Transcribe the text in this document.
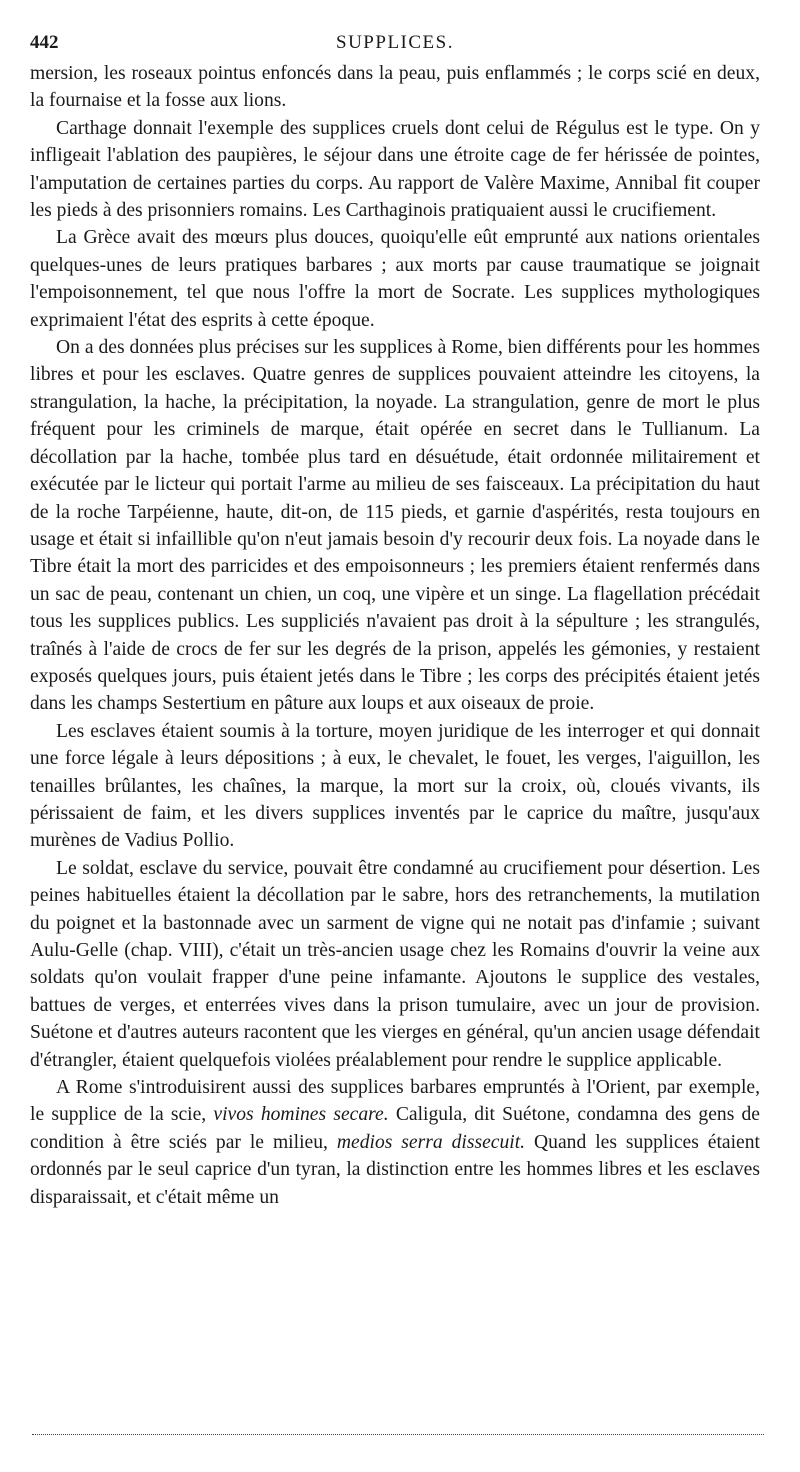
442	SUPPLICES.

mersion, les roseaux pointus enfoncés dans la peau, puis enflammés ; le corps scié en deux, la fournaise et la fosse aux lions.

Carthage donnait l'exemple des supplices cruels dont celui de Régulus est le type. On y infligeait l'ablation des paupières, le séjour dans une étroite cage de fer hérissée de pointes, l'amputation de certaines parties du corps. Au rapport de Valère Maxime, Annibal fit couper les pieds à des prisonniers romains. Les Carthaginois pratiquaient aussi le crucifiement.

La Grèce avait des mœurs plus douces, quoiqu'elle eût emprunté aux nations orientales quelques-unes de leurs pratiques barbares ; aux morts par cause traumatique se joignait l'empoisonnement, tel que nous l'offre la mort de Socrate. Les supplices mythologiques exprimaient l'état des esprits à cette époque.

On a des données plus précises sur les supplices à Rome, bien différents pour les hommes libres et pour les esclaves. Quatre genres de supplices pouvaient atteindre les citoyens, la strangulation, la hache, la précipitation, la noyade. La strangulation, genre de mort le plus fréquent pour les criminels de marque, était opérée en secret dans le Tullianum. La décollation par la hache, tombée plus tard en désuétude, était ordonnée militairement et exécutée par le licteur qui portait l'arme au milieu de ses faisceaux. La précipitation du haut de la roche Tarpéienne, haute, dit-on, de 115 pieds, et garnie d'aspérités, resta toujours en usage et était si infaillible qu'on n'eut jamais besoin d'y recourir deux fois. La noyade dans le Tibre était la mort des parricides et des empoisonneurs ; les premiers étaient renfermés dans un sac de peau, contenant un chien, un coq, une vipère et un singe. La flagellation précédait tous les supplices publics. Les suppliciés n'avaient pas droit à la sépulture ; les strangulés, traînés à l'aide de crocs de fer sur les degrés de la prison, appelés les gémonies, y restaient exposés quelques jours, puis étaient jetés dans le Tibre ; les corps des précipités étaient jetés dans les champs Sestertium en pâture aux loups et aux oiseaux de proie.

Les esclaves étaient soumis à la torture, moyen juridique de les interroger et qui donnait une force légale à leurs dépositions ; à eux, le chevalet, le fouet, les verges, l'aiguillon, les tenailles brûlantes, les chaînes, la marque, la mort sur la croix, où, cloués vivants, ils périssaient de faim, et les divers supplices inventés par le caprice du maître, jusqu'aux murènes de Vadius Pollio.

Le soldat, esclave du service, pouvait être condamné au crucifiement pour désertion. Les peines habituelles étaient la décollation par le sabre, hors des retranchements, la mutilation du poignet et la bastonnade avec un sarment de vigne qui ne notait pas d'infamie ; suivant Aulu-Gelle (chap. VIII), c'était un très-ancien usage chez les Romains d'ouvrir la veine aux soldats qu'on voulait frapper d'une peine infamante. Ajoutons le supplice des vestales, battues de verges, et enterrées vives dans la prison tumulaire, avec un jour de provision. Suétone et d'autres auteurs racontent que les vierges en général, qu'un ancien usage défendait d'étrangler, étaient quelquefois violées préalablement pour rendre le supplice applicable.

A Rome s'introduisirent aussi des supplices barbares empruntés à l'Orient, par exemple, le supplice de la scie, vivos homines secare. Caligula, dit Suétone, condamna des gens de condition à être sciés par le milieu, medios serra dissecuit. Quand les supplices étaient ordonnés par le seul caprice d'un tyran, la distinction entre les hommes libres et les esclaves disparaissait, et c'était même un
